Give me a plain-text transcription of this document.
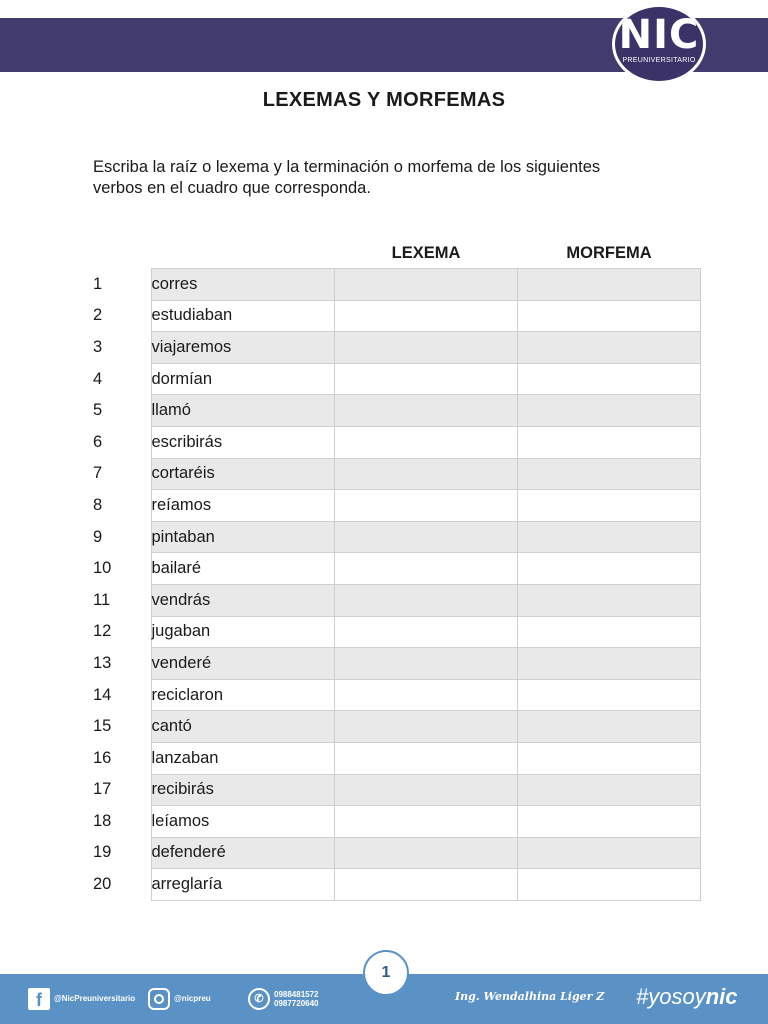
NIC
PREUNIVERSITARIO
LEXEMAS Y MORFEMAS
Escriba la raíz o lexema y la terminación o morfema de los siguientes
verbos en el cuadro que corresponda.
LEXEMA	MORFEMA
1	corres		
2	estudiaban		
3	viajaremos		
4	dormían		
5	llamó		
6	escribirás		
7	cortaréis		
8	reíamos		
9	pintaban		
10	bailaré		
11	vendrás		
12	jugaban		
13	venderé		
14	reciclaron		
15	cantó		
16	lanzaban		
17	recibirás		
18	leíamos		
19	defenderé		
20	arreglaría		
1
f @NicPreuniversitario	@nicpreu	✆ 0988481572
0987720640
Ing. Wendalhina Liger Z #yosoynic
